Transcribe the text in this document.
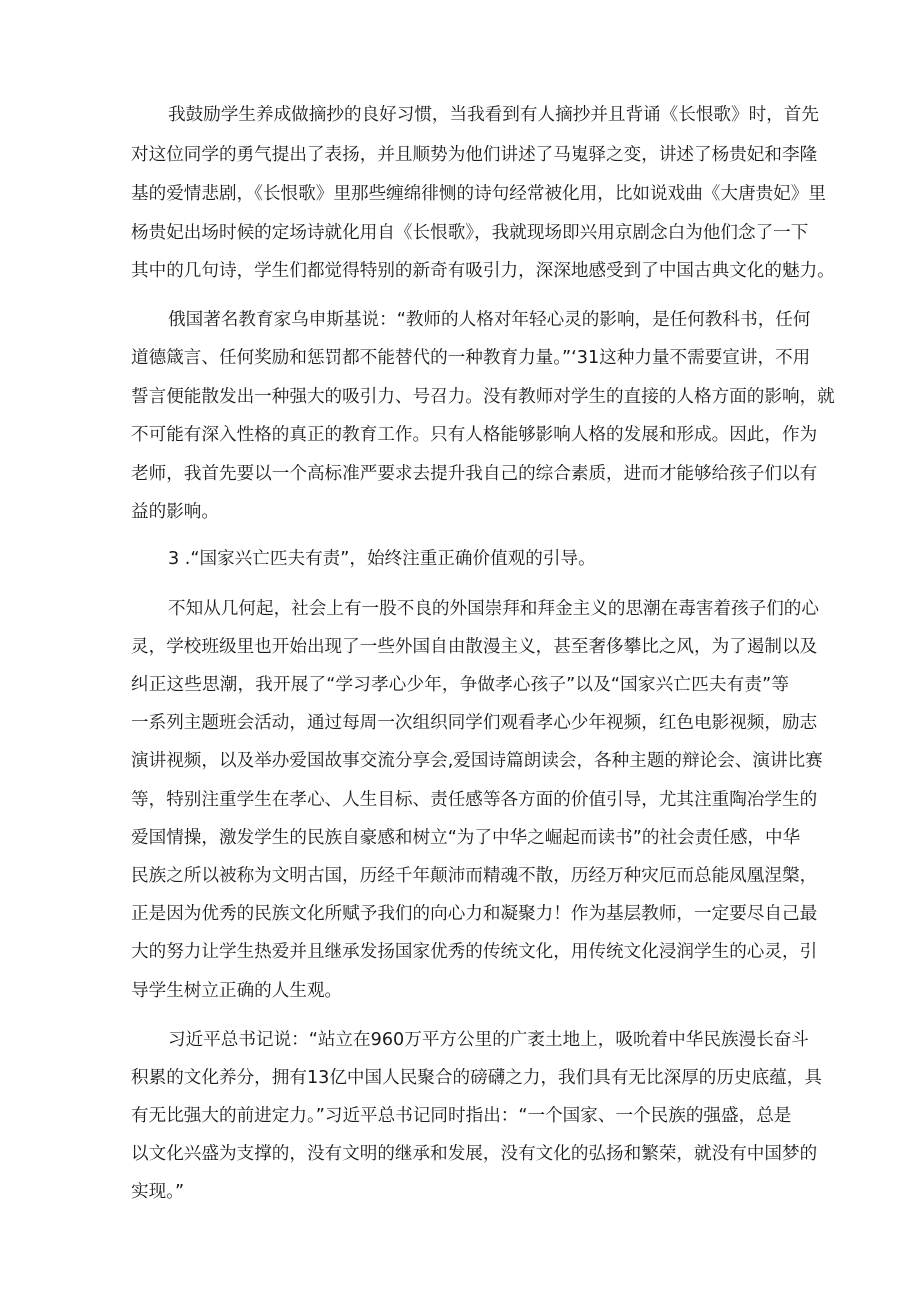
我鼓励学生养成做摘抄的良好习惯，当我看到有人摘抄并且背诵《长恨歌》时，首先
对这位同学的勇气提出了表扬，并且顺势为他们讲述了马嵬驿之变，讲述了杨贵妃和李隆
基的爱情悲剧，《长恨歌》里那些缠绵徘恻的诗句经常被化用，比如说戏曲《大唐贵妃》里
杨贵妃出场时候的定场诗就化用自《长恨歌》，我就现场即兴用京剧念白为他们念了一下
其中的几句诗，学生们都觉得特别的新奇有吸引力，深深地感受到了中国古典文化的魅力。
俄国著名教育家乌申斯基说：“教师的人格对年轻心灵的影响，是任何教科书，任何
道德箴言、任何奖励和惩罚都不能替代的一种教育力量。”‘31这种力量不需要宣讲，不用
誓言便能散发出一种强大的吸引力、号召力。没有教师对学生的直接的人格方面的影响，就
不可能有深入性格的真正的教育工作。只有人格能够影响人格的发展和形成。因此，作为
老师，我首先要以一个高标准严要求去提升我自己的综合素质，进而才能够给孩子们以有
益的影响。
3 .“国家兴亡匹夫有责”，始终注重正确价值观的引导。
不知从几何起，社会上有一股不良的外国崇拜和拜金主义的思潮在毒害着孩子们的心
灵，学校班级里也开始出现了一些外国自由散漫主义，甚至奢侈攀比之风，为了遏制以及
纠正这些思潮，我开展了“学习孝心少年，争做孝心孩子”以及“国家兴亡匹夫有责”等
一系列主题班会活动，通过每周一次组织同学们观看孝心少年视频，红色电影视频，励志
演讲视频，以及举办爱国故事交流分享会,爱国诗篇朗读会，各种主题的辩论会、演讲比赛
等，特别注重学生在孝心、人生目标、责任感等各方面的价值引导，尤其注重陶冶学生的
爱国情操，激发学生的民族自豪感和树立“为了中华之崛起而读书”的社会责任感，中华
民族之所以被称为文明古国，历经千年颠沛而精魂不散，历经万种灾厄而总能凤凰涅槃，
正是因为优秀的民族文化所赋予我们的向心力和凝聚力！作为基层教师，一定要尽自己最
大的努力让学生热爱并且继承发扬国家优秀的传统文化，用传统文化浸润学生的心灵，引
导学生树立正确的人生观。
习近平总书记说：“站立在960万平方公里的广袤土地上，吸吮着中华民族漫长奋斗
积累的文化养分，拥有13亿中国人民聚合的磅礴之力，我们具有无比深厚的历史底蕴，具
有无比强大的前进定力。”习近平总书记同时指出：“一个国家、一个民族的强盛，总是
以文化兴盛为支撑的，没有文明的继承和发展，没有文化的弘扬和繁荣，就没有中国梦的
实现。”
